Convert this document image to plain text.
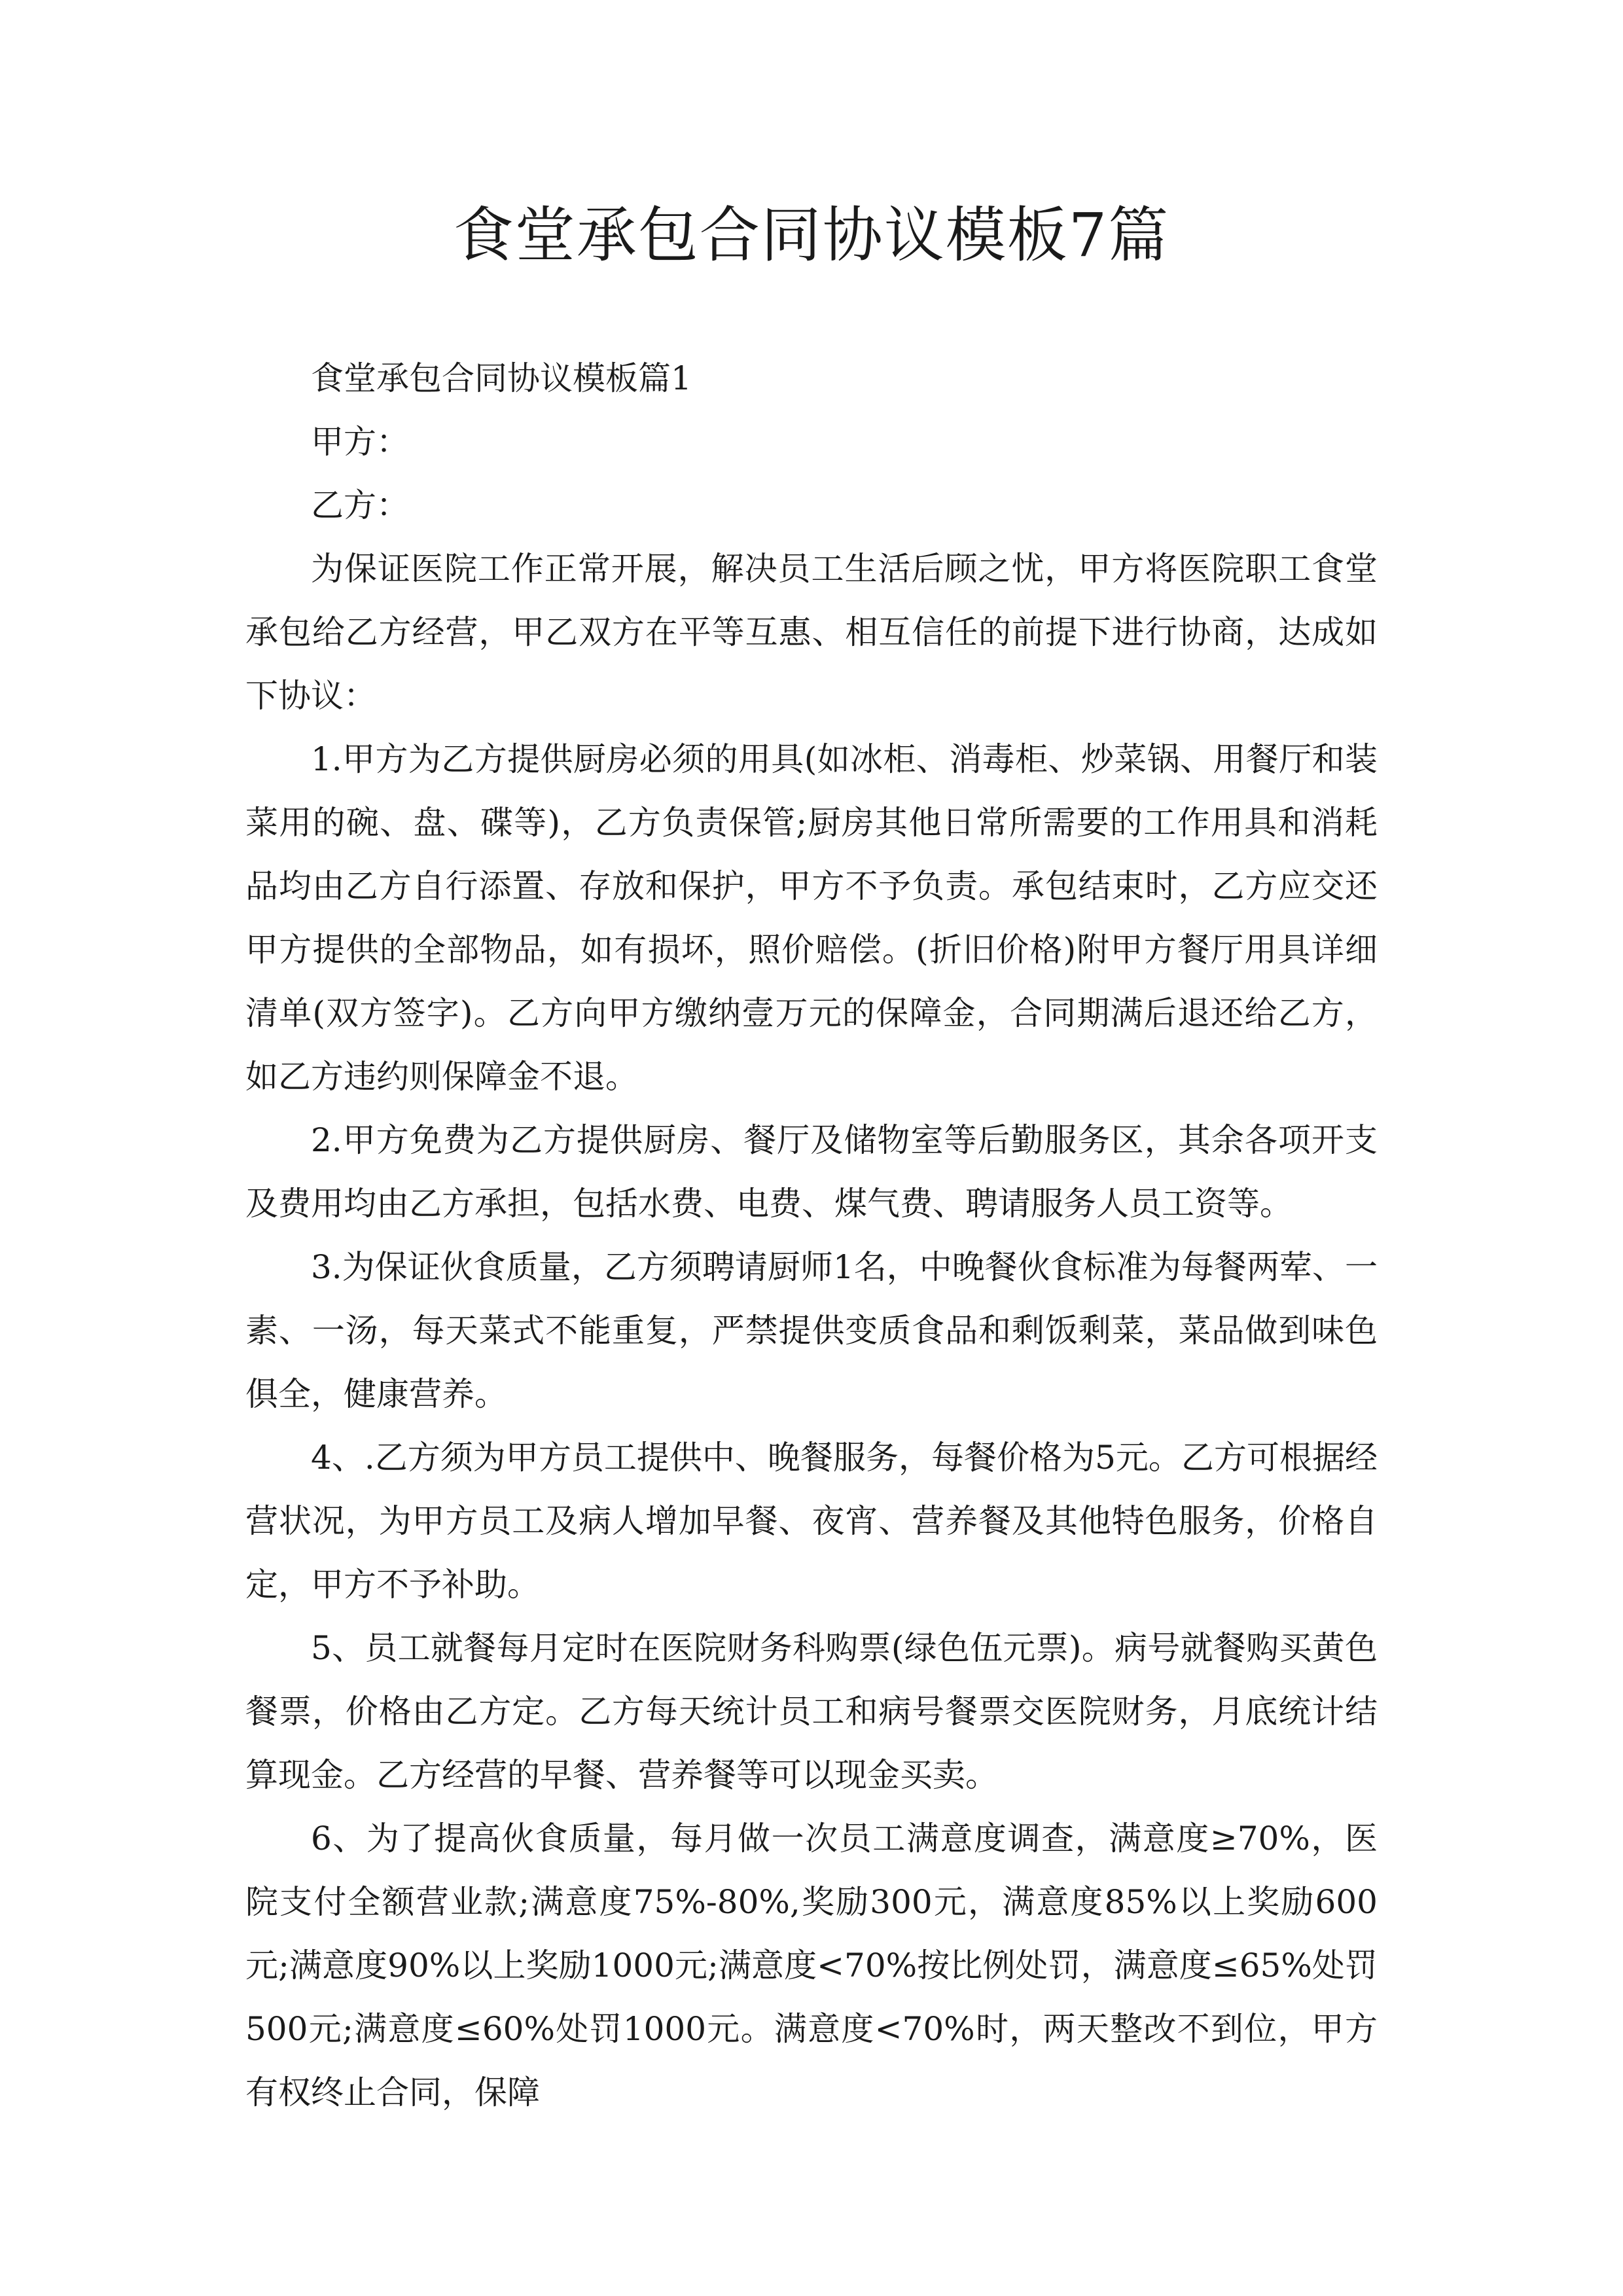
食堂承包合同协议模板7篇

食堂承包合同协议模板篇1

甲方：

乙方：

为保证医院工作正常开展，解决员工生活后顾之忧，甲方将医院职工食堂承包给乙方经营，甲乙双方在平等互惠、相互信任的前提下进行协商，达成如下协议：

1.甲方为乙方提供厨房必须的用具(如冰柜、消毒柜、炒菜锅、用餐厅和装菜用的碗、盘、碟等)，乙方负责保管;厨房其他日常所需要的工作用具和消耗品均由乙方自行添置、存放和保护，甲方不予负责。承包结束时，乙方应交还甲方提供的全部物品，如有损坏，照价赔偿。(折旧价格)附甲方餐厅用具详细清单(双方签字)。乙方向甲方缴纳壹万元的保障金，合同期满后退还给乙方，如乙方违约则保障金不退。

2.甲方免费为乙方提供厨房、餐厅及储物室等后勤服务区，其余各项开支及费用均由乙方承担，包括水费、电费、煤气费、聘请服务人员工资等。

3.为保证伙食质量，乙方须聘请厨师1名，中晚餐伙食标准为每餐两荤、一素、一汤，每天菜式不能重复，严禁提供变质食品和剩饭剩菜，菜品做到味色俱全，健康营养。

4、.乙方须为甲方员工提供中、晚餐服务，每餐价格为5元。乙方可根据经营状况，为甲方员工及病人增加早餐、夜宵、营养餐及其他特色服务，价格自定，甲方不予补助。

5、员工就餐每月定时在医院财务科购票(绿色伍元票)。病号就餐购买黄色餐票，价格由乙方定。乙方每天统计员工和病号餐票交医院财务，月底统计结算现金。乙方经营的早餐、营养餐等可以现金买卖。

6、为了提高伙食质量，每月做一次员工满意度调查，满意度≥70%，医院支付全额营业款;满意度75%-80%,奖励300元，满意度85%以上奖励600元;满意度90%以上奖励1000元;满意度<70%按比例处罚，满意度≤65%处罚500元;满意度≤60%处罚1000元。满意度<70%时，两天整改不到位，甲方有权终止合同，保障
